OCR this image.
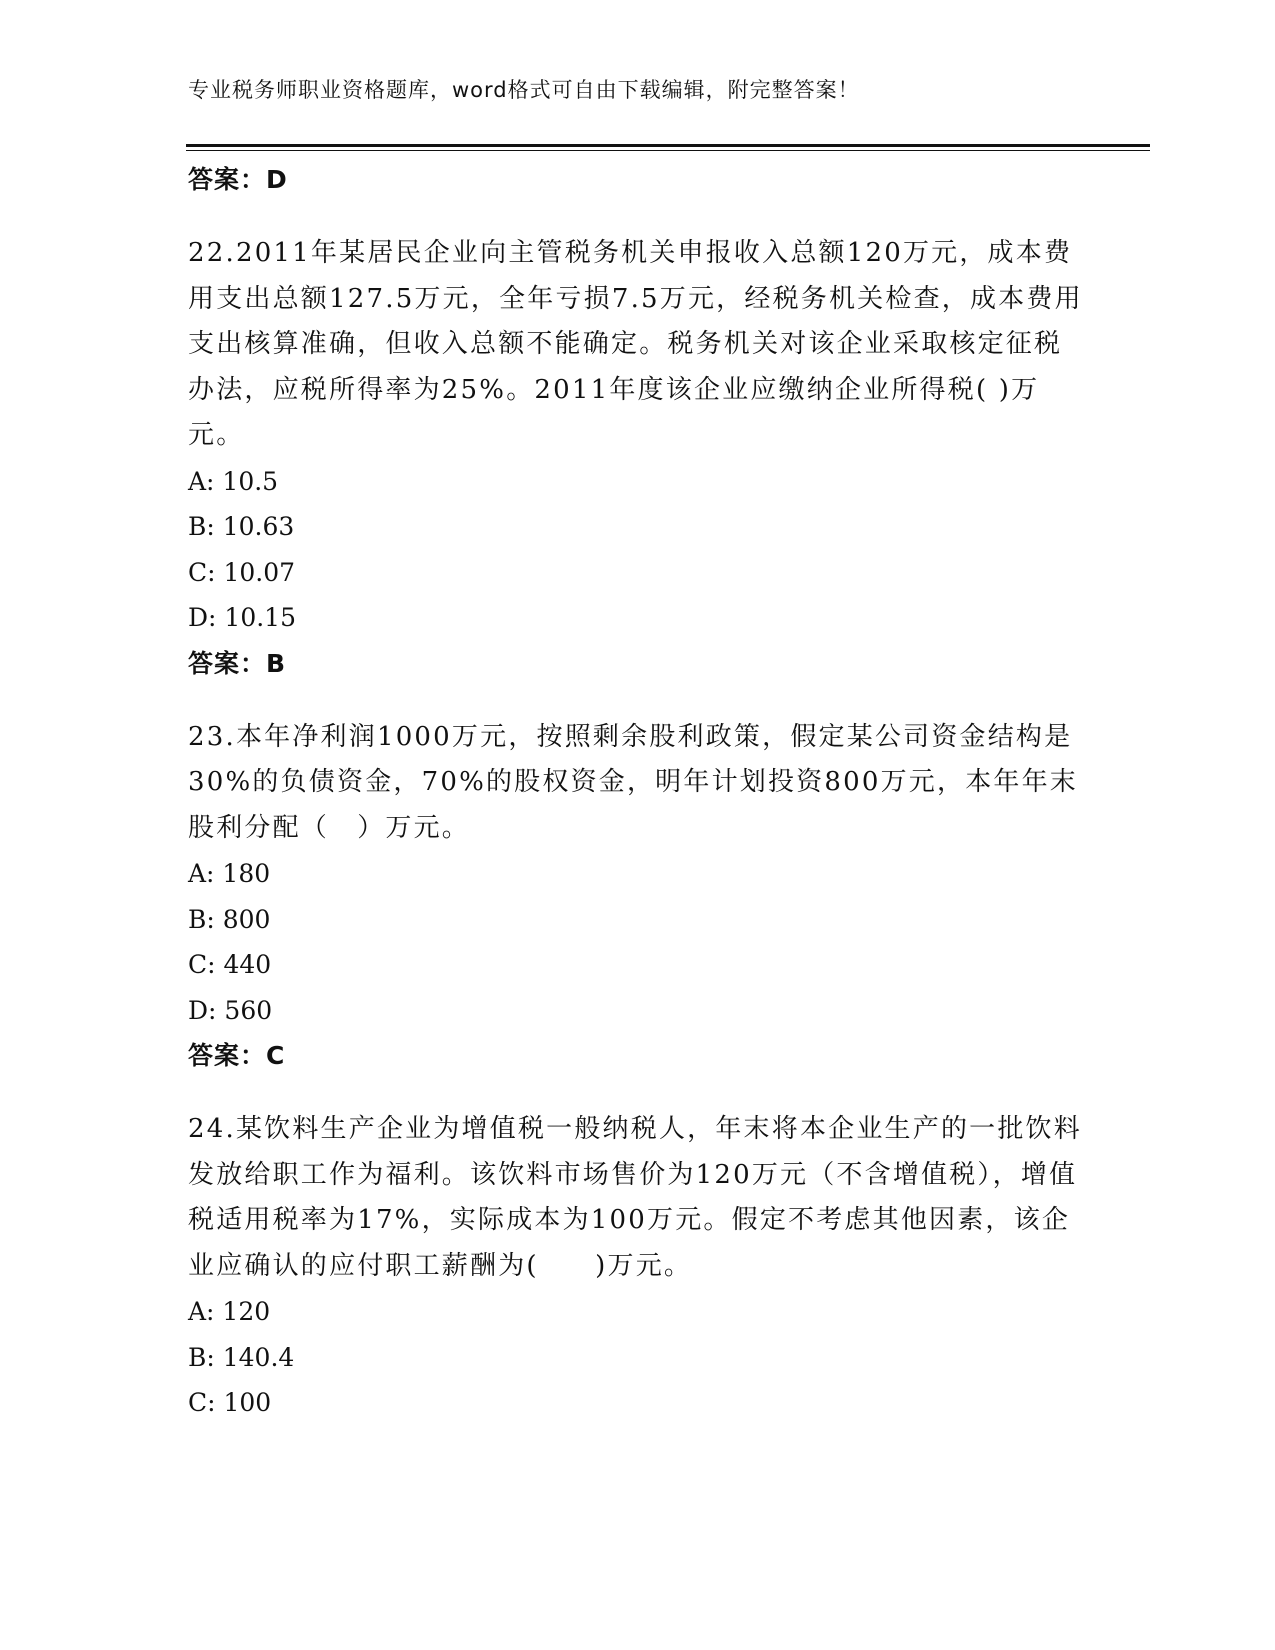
专业税务师职业资格题库，word格式可自由下载编辑，附完整答案！
答案：D

22.2011年某居民企业向主管税务机关申报收入总额120万元，成本费用支出总额127.5万元，全年亏损7.5万元，经税务机关检查，成本费用支出核算准确，但收入总额不能确定。税务机关对该企业采取核定征税办法，应税所得率为25%。2011年度该企业应缴纳企业所得税( )万元。

A: 10.5
B: 10.63
C: 10.07
D: 10.15
答案：B

23.本年净利润1000万元，按照剩余股利政策，假定某公司资金结构是30%的负债资金，70%的股权资金，明年计划投资800万元，本年年末股利分配（　）万元。

A: 180
B: 800
C: 440
D: 560
答案：C

24.某饮料生产企业为增值税一般纳税人，年末将本企业生产的一批饮料发放给职工作为福利。该饮料市场售价为120万元（不含增值税），增值税适用税率为17%，实际成本为100万元。假定不考虑其他因素，该企业应确认的应付职工薪酬为(　　)万元。

A: 120
B: 140.4
C: 100
